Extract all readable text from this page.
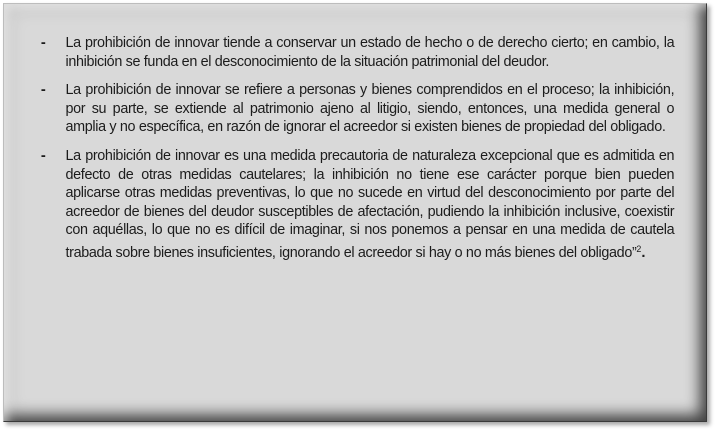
- La prohibición de innovar tiende a conservar un estado de hecho o de derecho cierto; en cambio, la inhibición se funda en el desconocimiento de la situación patrimonial del deudor.
- La prohibición de innovar se refiere a personas y bienes comprendidos en el proceso; la inhibición, por su parte, se extiende al patrimonio ajeno al litigio, siendo, entonces, una medida general o amplia y no específica, en razón de ignorar el acreedor si existen bienes de propiedad del obligado.
- La prohibición de innovar es una medida precautoria de naturaleza excepcional que es admitida en defecto de otras medidas cautelares; la inhibición no tiene ese carácter porque bien pueden aplicarse otras medidas preventivas, lo que no sucede en virtud del desconocimiento por parte del acreedor de bienes del deudor susceptibles de afectación, pudiendo la inhibición inclusive, coexistir con aquéllas, lo que no es difícil de imaginar, si nos ponemos a pensar en una medida de cautela trabada sobre bienes insuficientes, ignorando el acreedor si hay o no más bienes del obligado”$^2$.
